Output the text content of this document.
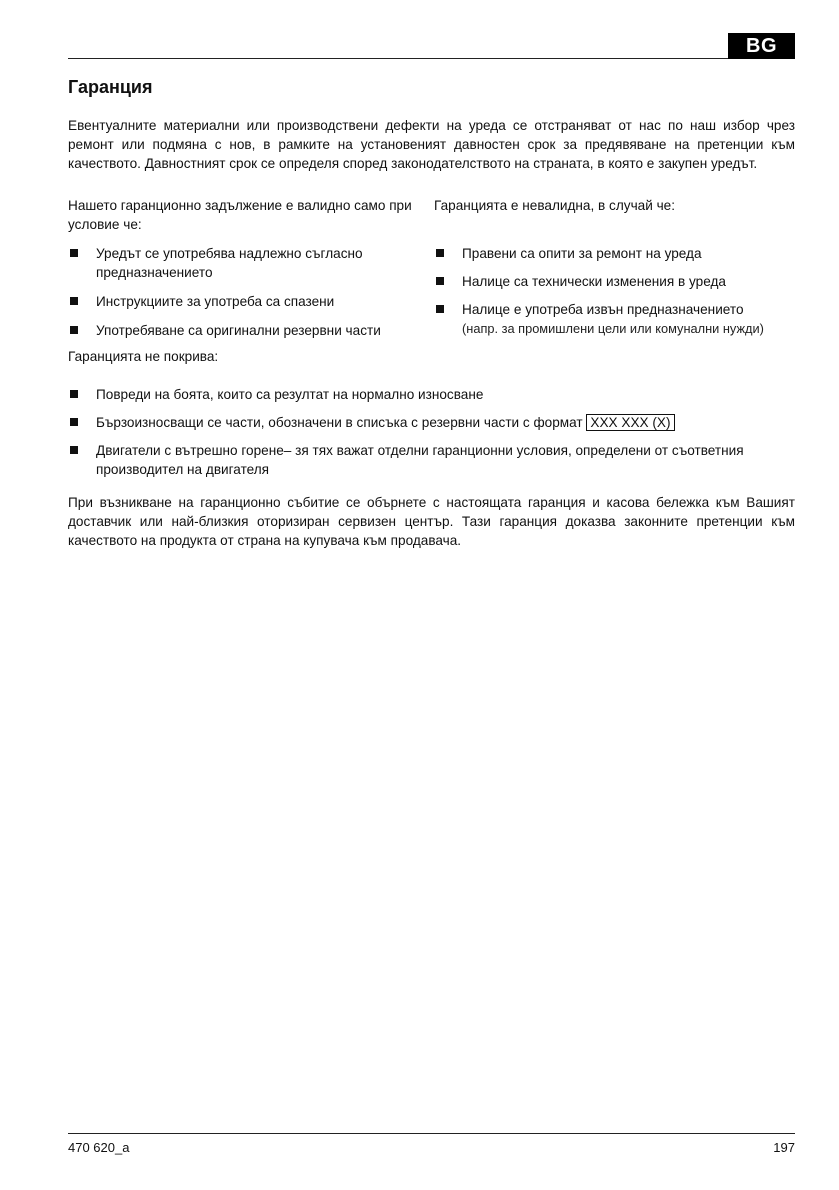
BG
Гаранция

Евентуалните материални или производствени дефекти на уреда се отстраняват от нас по наш избор чрез ремонт или подмяна с нов, в рамките на установеният давностен срок за предявяване на претенции към качеството. Давностният срок се определя според законодателството на страната, в която е закупен уредът.

Нашето гаранционно задължение е валидно само при условие че:

Уредът се употребява надлежно съгласно предназначението
Инструкциите за употреба са спазени
Употребяване са оригинални резервни части

Гаранцията е невалидна, в случай че:

Правени са опити за ремонт на уреда
Налице са технически изменения в уреда
Налице е употреба извън предназначението
(напр. за промишлени цели или комунални нужди)

Гаранцията не покрива:

Повреди на боята, които са резултат на нормално износване
Бързоизносващи се части, обозначени в списъка с резервни части с формат XXX XXX (X)
Двигатели с вътрешно горене– зя тях важат отделни гаранционни условия, определени от съответния производител на двигателя

При възникване на гаранционно събитие се обърнете с настоящата гаранция и касова бележка към Вашият доставчик или най-близкия оторизиран сервизен център. Тази гаранция доказва законните претенции към качеството на продукта от страна на купувача към продавача.

470 620_a	197
